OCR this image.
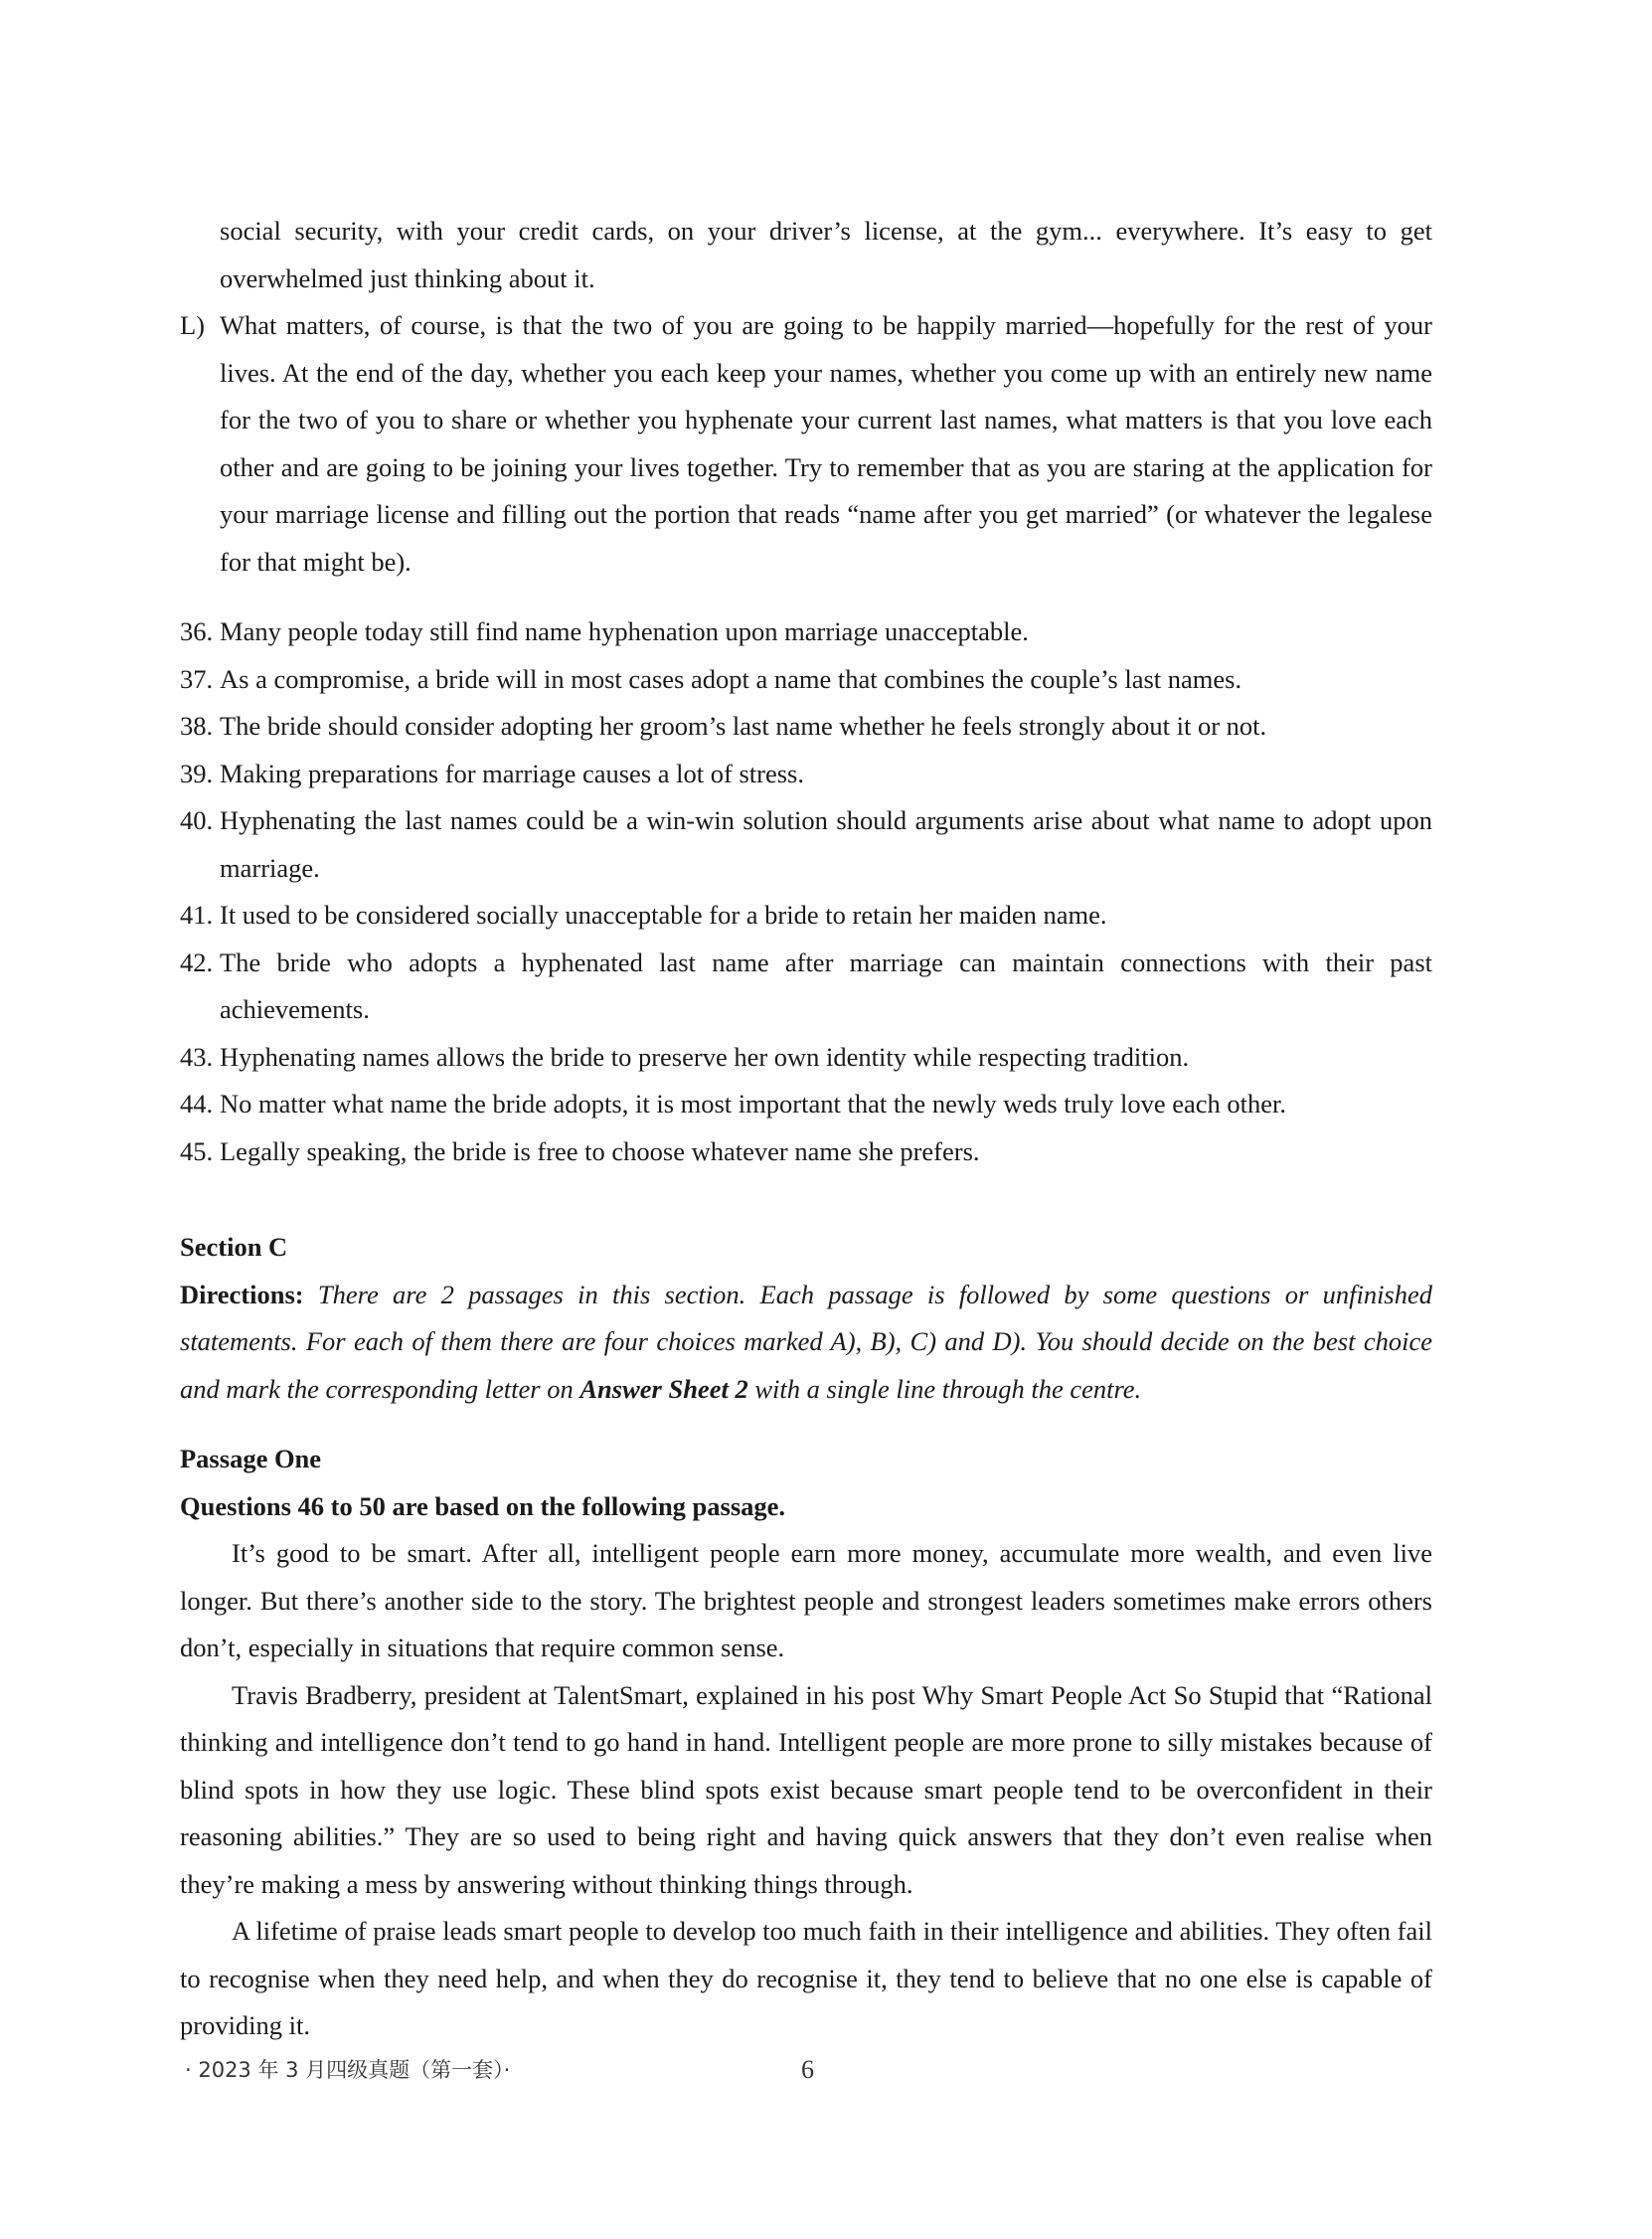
social security, with your credit cards, on your driver’s license, at the gym... everywhere. It’s easy to get overwhelmed just thinking about it.

L) What matters, of course, is that the two of you are going to be happily married—hopefully for the rest of your lives. At the end of the day, whether you each keep your names, whether you come up with an entirely new name for the two of you to share or whether you hyphenate your current last names, what matters is that you love each other and are going to be joining your lives together. Try to remember that as you are staring at the application for your marriage license and filling out the portion that reads “name after you get married” (or whatever the legalese for that might be).
36. Many people today still find name hyphenation upon marriage unacceptable.
37. As a compromise, a bride will in most cases adopt a name that combines the couple’s last names.
38. The bride should consider adopting her groom’s last name whether he feels strongly about it or not.
39. Making preparations for marriage causes a lot of stress.
40. Hyphenating the last names could be a win-win solution should arguments arise about what name to adopt upon marriage.
41. It used to be considered socially unacceptable for a bride to retain her maiden name.
42. The bride who adopts a hyphenated last name after marriage can maintain connections with their past achievements.
43. Hyphenating names allows the bride to preserve her own identity while respecting tradition.
44. No matter what name the bride adopts, it is most important that the newly weds truly love each other.
45. Legally speaking, the bride is free to choose whatever name she prefers.

Section C

Directions: There are 2 passages in this section. Each passage is followed by some questions or unfinished statements. For each of them there are four choices marked A), B), C) and D). You should decide on the best choice and mark the corresponding letter on Answer Sheet 2 with a single line through the centre.

Passage One

Questions 46 to 50 are based on the following passage.

It’s good to be smart. After all, intelligent people earn more money, accumulate more wealth, and even live longer. But there’s another side to the story. The brightest people and strongest leaders sometimes make errors others don’t, especially in situations that require common sense.

Travis Bradberry, president at TalentSmart, explained in his post Why Smart People Act So Stupid that “Rational thinking and intelligence don’t tend to go hand in hand. Intelligent people are more prone to silly mistakes because of blind spots in how they use logic. These blind spots exist because smart people tend to be overconfident in their reasoning abilities.” They are so used to being right and having quick answers that they don’t even realise when they’re making a mess by answering without thinking things through.

A lifetime of praise leads smart people to develop too much faith in their intelligence and abilities. They often fail to recognise when they need help, and when they do recognise it, they tend to believe that no one else is capable of providing it.

· 2023 年 3 月四级真题（第一套）·	6
